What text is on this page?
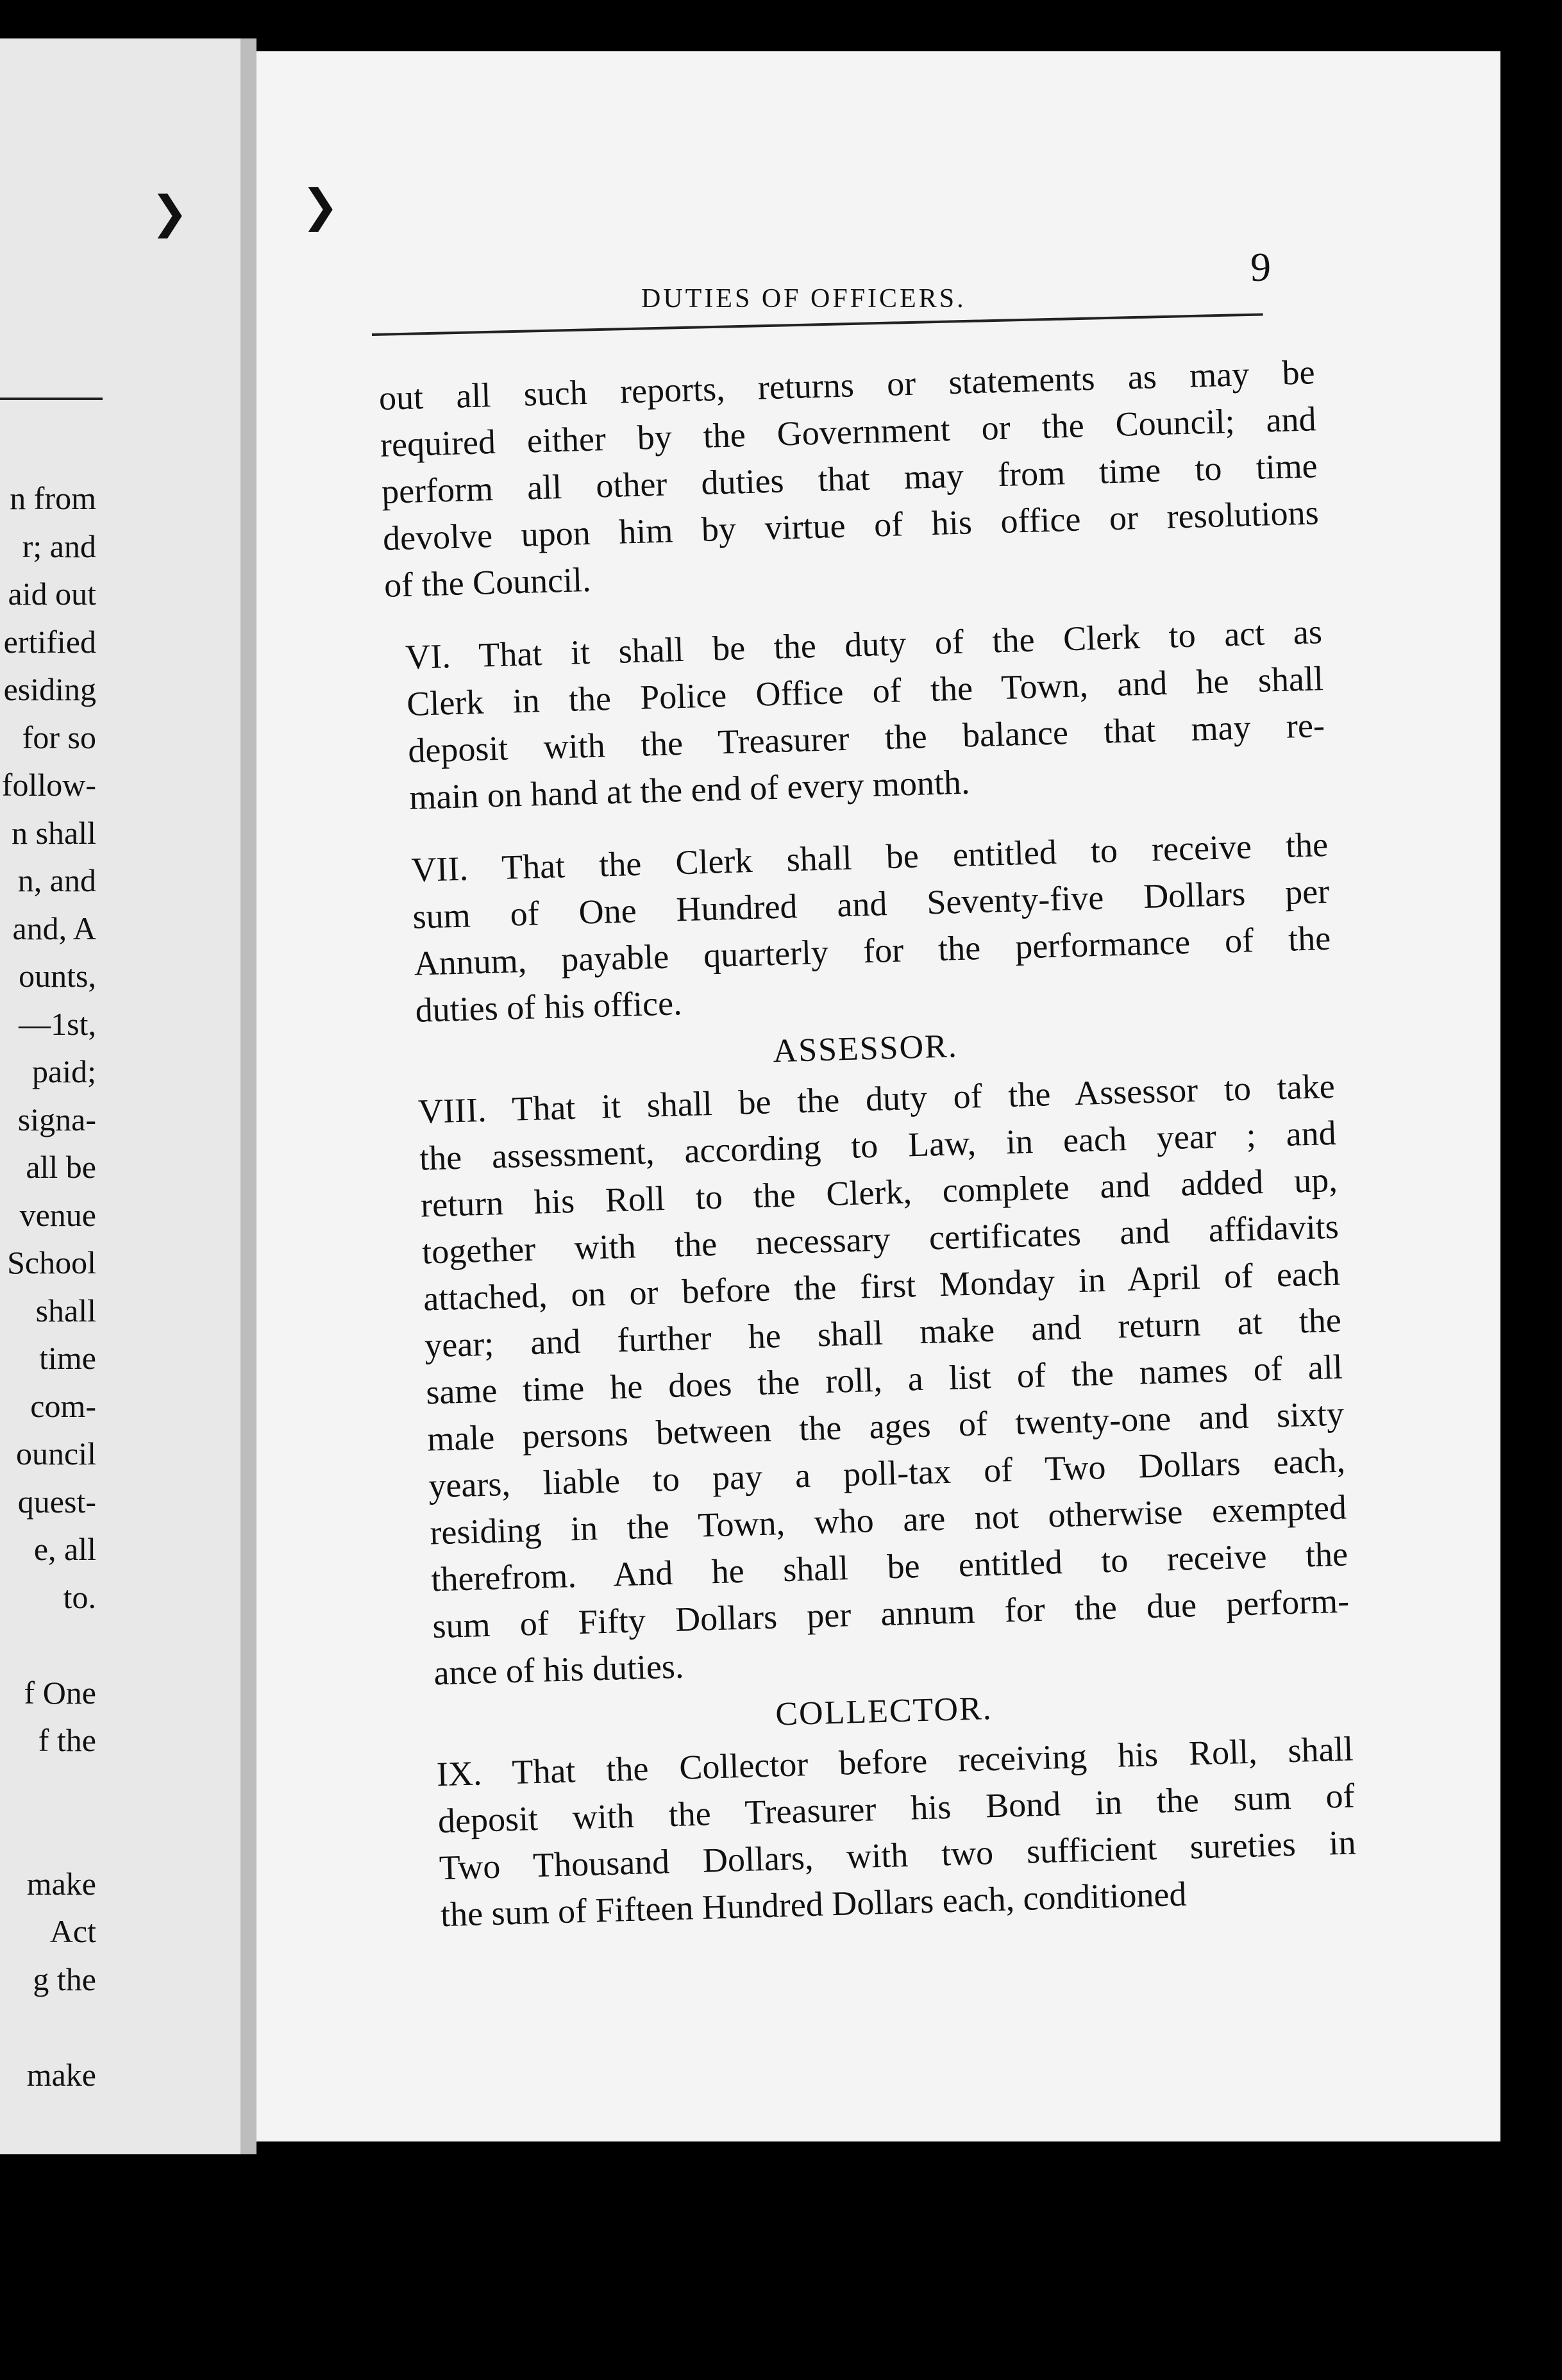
❯
n from
r; and
aid out
ertified
esiding
for so
follow-
n shall
n, and
and, A
ounts,
—1st,
paid;
signa-
all be
venue
School
shall
time
com-
ouncil
quest-
e, all
to.

f One
f the

make
Act
g the

make
❯
DUTIES OF OFFICERS.
9

out all such reports, returns or statements as may be
required either by the Government or the Council; and
perform all other duties that may from time to time
devolve upon him by virtue of his office or resolutions
of the Council.

VI. That it shall be the duty of the Clerk to act as
Clerk in the Police Office of the Town, and he shall
deposit with the Treasurer the balance that may re-
main on hand at the end of every month.

VII. That the Clerk shall be entitled to receive the
sum of One Hundred and Seventy-five Dollars per
Annum, payable quarterly for the performance of the
duties of his office.

ASSESSOR.

VIII. That it shall be the duty of the Assessor to take
the assessment, according to Law, in each year ; and
return his Roll to the Clerk, complete and added up,
together with the necessary certificates and affidavits
attached, on or before the first Monday in April of each
year; and further he shall make and return at the
same time he does the roll, a list of the names of all
male persons between the ages of twenty-one and sixty
years, liable to pay a poll-tax of Two Dollars each,
residing in the Town, who are not otherwise exempted
therefrom. And he shall be entitled to receive the
sum of Fifty Dollars per annum for the due perform-
ance of his duties.

COLLECTOR.

IX. That the Collector before receiving his Roll, shall
deposit with the Treasurer his Bond in the sum of
Two Thousand Dollars, with two sufficient sureties in
the sum of Fifteen Hundred Dollars each, conditioned
